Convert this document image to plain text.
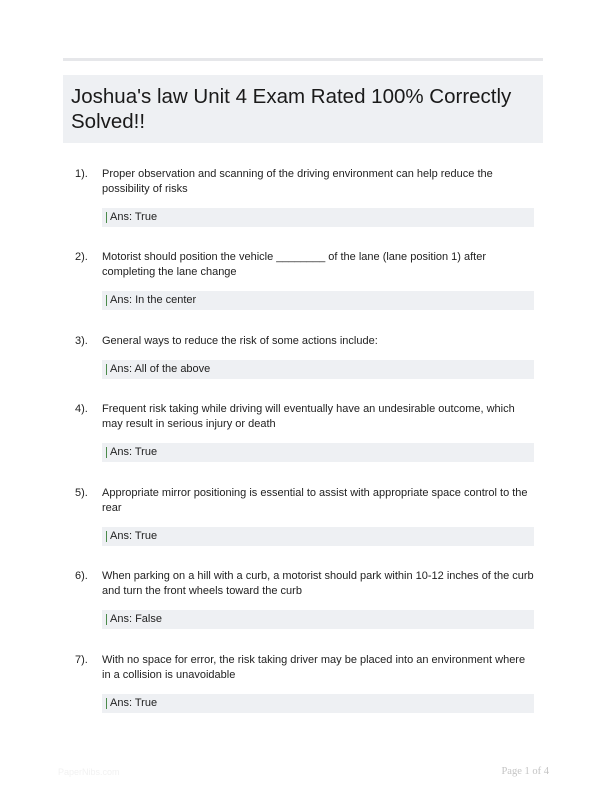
Joshua's law Unit 4 Exam Rated 100% Correctly Solved!!
1). Proper observation and scanning of the driving environment can help reduce the possibility of risks
Ans: True
2). Motorist should position the vehicle ________ of the lane (lane position 1) after completing the lane change
Ans: In the center
3). General ways to reduce the risk of some actions include:
Ans: All of the above
4). Frequent risk taking while driving will eventually have an undesirable outcome, which may result in serious injury or death
Ans: True
5). Appropriate mirror positioning is essential to assist with appropriate space control to the rear
Ans: True
6). When parking on a hill with a curb, a motorist should park within 10-12 inches of the curb and turn the front wheels toward the curb
Ans: False
7). With no space for error, the risk taking driver may be placed into an environment where in a collision is unavoidable
Ans: True
PaperNibs.com	Page 1 of 4
